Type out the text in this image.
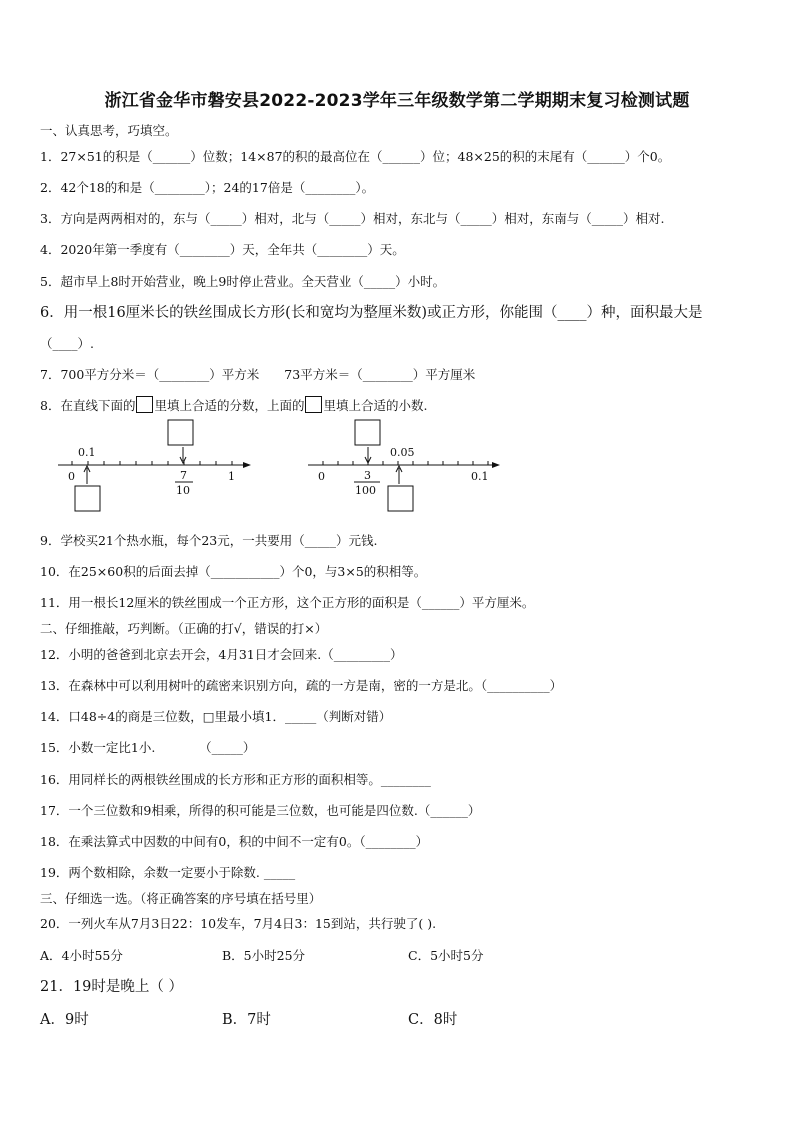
浙江省金华市磐安县2022-2023学年三年级数学第二学期期末复习检测试题
一、认真思考，巧填空。
1．27×51的积是（______）位数；14×87的积的最高位在（______）位；48×25的积的末尾有（______）个0。
2．42个18的和是（________）；24的17倍是（________）。
3．方向是两两相对的，东与（_____）相对，北与（_____）相对，东北与（_____）相对，东南与（_____）相对.
4．2020年第一季度有（________）天，全年共（________）天。
5．超市早上8时开始营业，晚上9时停止营业。全天营业（_____）小时。
6．用一根16厘米长的铁丝围成长方形(长和宽均为整厘米数)或正方形，你能围（____）种，面积最大是
（____）.
7．700平方分米＝（________）平方米　　73平方米＝（________）平方厘米
8．在直线下面的 里填上合适的分数，上面的 里填上合适的小数.
0.1
0	7
10
1	0	3
100
0.05
0.1
9．学校买21个热水瓶，每个23元，一共要用（_____）元钱.
10．在25×60积的后面去掉（___________）个0，与3×5的积相等。
11．用一根长12厘米的铁丝围成一个正方形，这个正方形的面积是（______）平方厘米。
二、仔细推敲，巧判断。（正确的打√，错误的打×）
12．小明的爸爸到北京去开会，4月31日才会回来.（_________）
13．在森林中可以利用树叶的疏密来识别方向，疏的一方是南，密的一方是北。（__________）
14．口48÷4的商是三位数，□里最小填1．_____（判断对错）
15．小数一定比1小.　　　　（_____）
16．用同样长的两根铁丝围成的长方形和正方形的面积相等。________
17．一个三位数和9相乘，所得的积可能是三位数，也可能是四位数.（______）
18．在乘法算式中因数的中间有0，积的中间不一定有0。（________）
19．两个数相除，余数一定要小于除数. _____
三、仔细选一选。（将正确答案的序号填在括号里）
20．一列火车从7月3日22：10发车，7月4日3：15到站，共行驶了( ).
A．4小时55分	B．5小时25分	C．5小时5分
21．19时是晚上（ ）
A．9时	B．7时	C．8时
